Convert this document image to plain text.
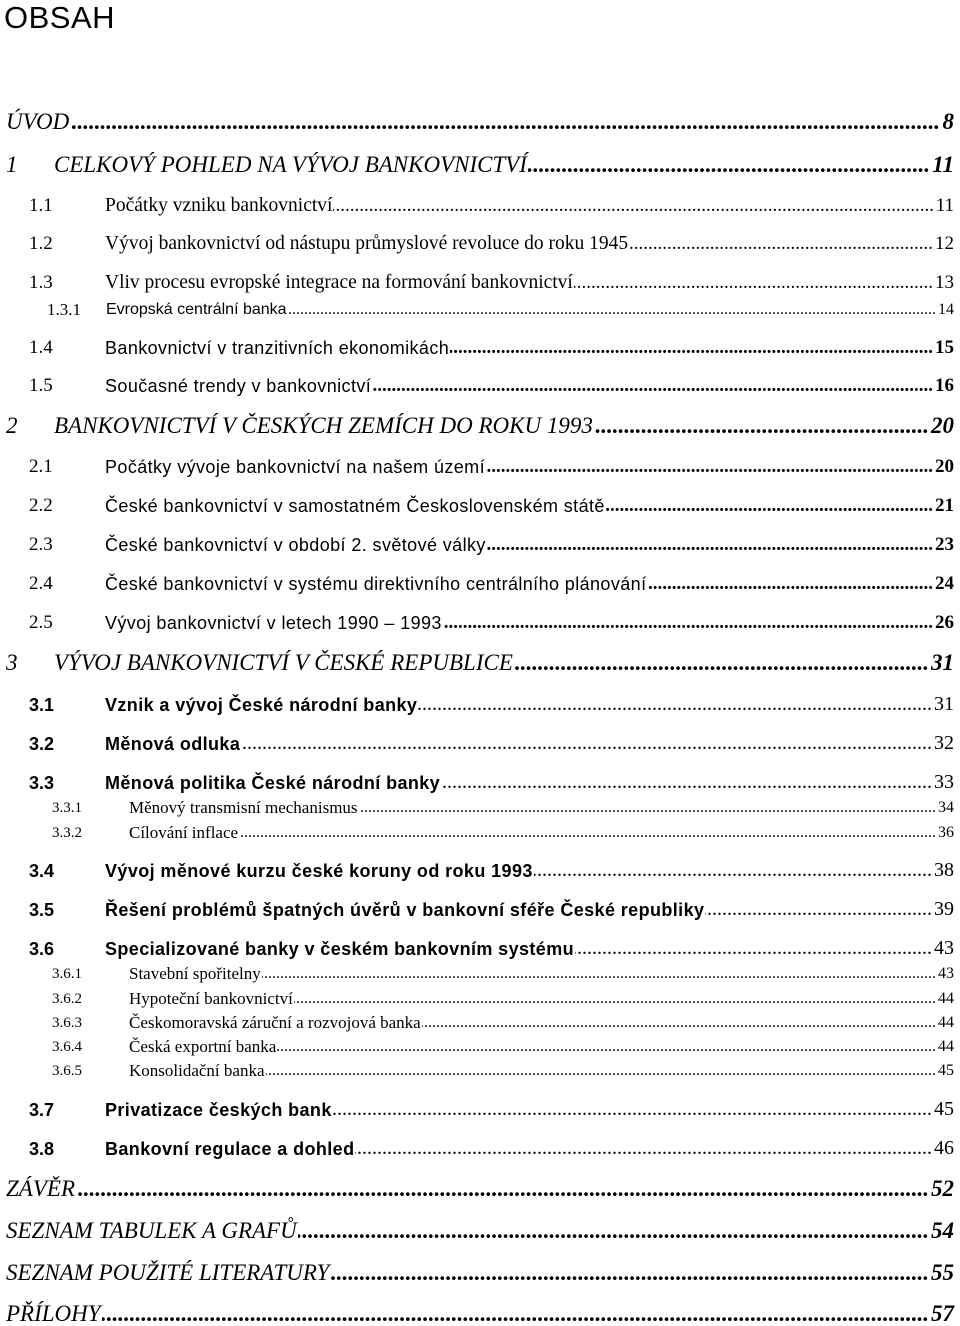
OBSAH
ÚVOD	8
.....
1 CELKOVÝ POHLED NA VÝVOJ BANKOVNICTVÍ	11
.....
1.1	Počátky vzniku bankovnictví	11
.....
1.2	Vývoj bankovnictví od nástupu průmyslové revoluce do roku 1945	12
.....
1.3	Vliv procesu evropské integrace na formování bankovnictví	13
.....
1.3.1 Evropská centrální banka	14
.....
1.4	Bankovnictví v tranzitivních ekonomikách	15
.....
1.5	Současné trendy v bankovnictví	16
.....
2 BANKOVNICTVÍ V ČESKÝCH ZEMÍCH DO ROKU 1993	20
.....
2.1	Počátky vývoje bankovnictví na našem území	20
.....
2.2	České bankovnictví v samostatném Československém státě	21
.....
2.3	České bankovnictví v období 2. světové války	23
.....
2.4	České bankovnictví v systému direktivního centrálního plánování	24
.....
2.5	Vývoj bankovnictví v letech 1990 – 1993	26
.....
3 VÝVOJ BANKOVNICTVÍ V ČESKÉ REPUBLICE	31
.....
3.1	Vznik a vývoj České národní banky	31
.....
3.2	Měnová odluka	32
.....
3.3	Měnová politika České národní banky	33
.....
3.3.1	Měnový transmisní mechanismus	34
.....
3.3.2	Cílování inflace	36
.....
3.4	Vývoj měnové kurzu české koruny od roku 1993	38
.....
3.5	Řešení problémů špatných úvěrů v bankovní sféře České republiky	39
.....
3.6	Specializované banky v českém bankovním systému	43
.....
3.6.1	Stavební spořitelny	43
.....
3.6.2	Hypoteční bankovnictví	44
.....
3.6.3	Českomoravská záruční a rozvojová banka	44
.....
3.6.4	Česká exportní banka	44
.....
3.6.5	Konsolidační banka	45
.....
3.7	Privatizace českých bank	45
.....
3.8	Bankovní regulace a dohled	46
.....
ZÁVĚR	52
.....
SEZNAM TABULEK A GRAFŮ	54
.....
SEZNAM POUŽITÉ LITERATURY	55
.....
PŘÍLOHY	57
.....
